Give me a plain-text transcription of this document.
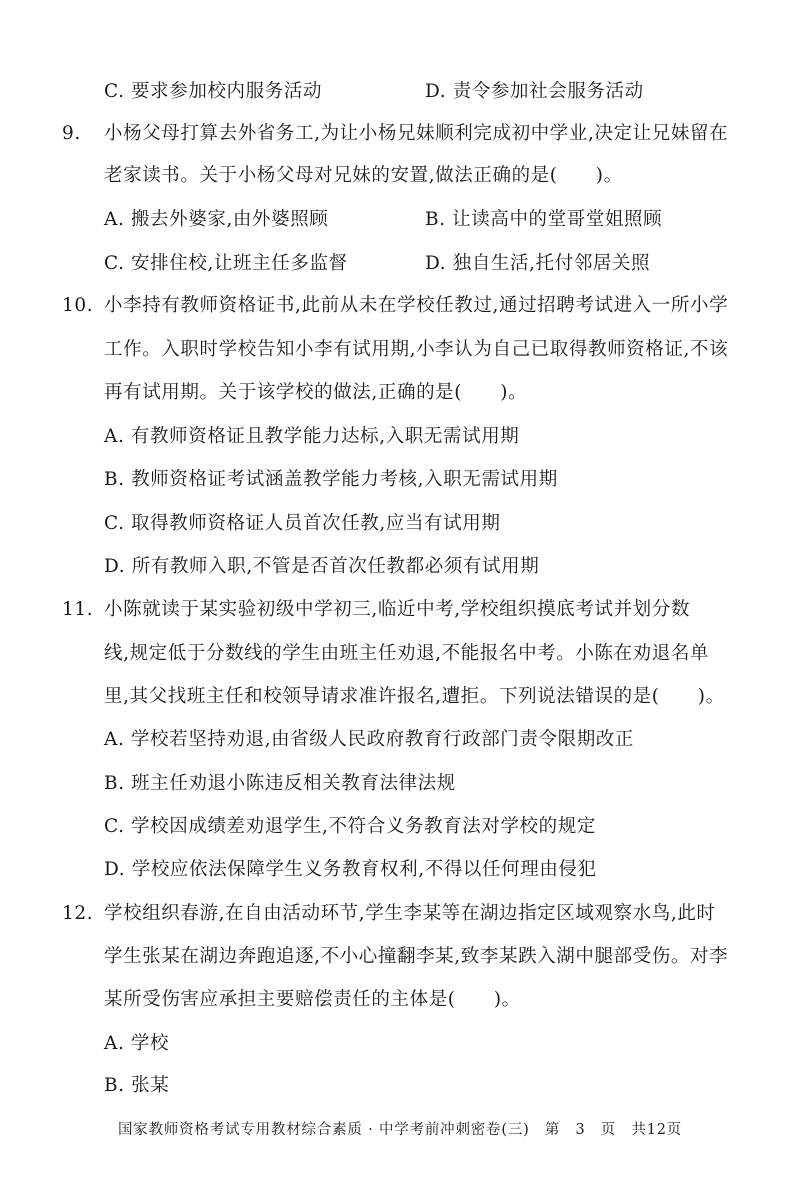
C. 要求参加校内服务活动	D. 责令参加社会服务活动
9. 小杨父母打算去外省务工,为让小杨兄妹顺利完成初中学业,决定让兄妹留在
老家读书。关于小杨父母对兄妹的安置,做法正确的是(　　)。
A. 搬去外婆家,由外婆照顾	B. 让读高中的堂哥堂姐照顾
C. 安排住校,让班主任多监督	D. 独自生活,托付邻居关照
10. 小李持有教师资格证书,此前从未在学校任教过,通过招聘考试进入一所小学
工作。入职时学校告知小李有试用期,小李认为自己已取得教师资格证,不该
再有试用期。关于该学校的做法,正确的是(　　)。
A. 有教师资格证且教学能力达标,入职无需试用期
B. 教师资格证考试涵盖教学能力考核,入职无需试用期
C. 取得教师资格证人员首次任教,应当有试用期
D. 所有教师入职,不管是否首次任教都必须有试用期
11. 小陈就读于某实验初级中学初三,临近中考,学校组织摸底考试并划分数
线,规定低于分数线的学生由班主任劝退,不能报名中考。小陈在劝退名单
里,其父找班主任和校领导请求准许报名,遭拒。下列说法错误的是(　　)。
A. 学校若坚持劝退,由省级人民政府教育行政部门责令限期改正
B. 班主任劝退小陈违反相关教育法律法规
C. 学校因成绩差劝退学生,不符合义务教育法对学校的规定
D. 学校应依法保障学生义务教育权利,不得以任何理由侵犯
12. 学校组织春游,在自由活动环节,学生李某等在湖边指定区域观察水鸟,此时
学生张某在湖边奔跑追逐,不小心撞翻李某,致李某跌入湖中腿部受伤。对李
某所受伤害应承担主要赔偿责任的主体是(　　)。
A. 学校
B. 张某
国家教师资格考试专用教材综合素质 · 中学考前冲刺密卷(三)　第　3　页　共12页
